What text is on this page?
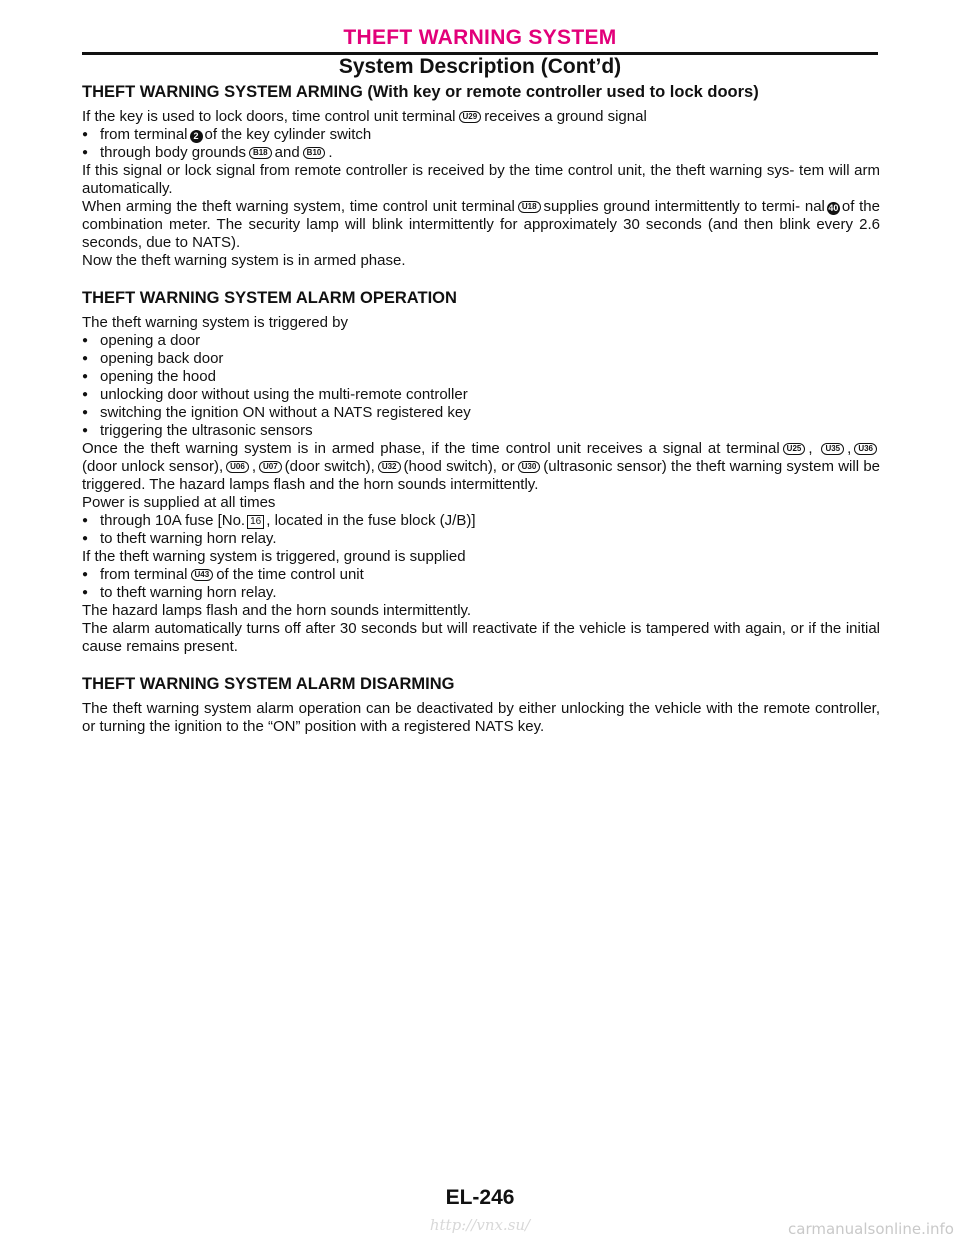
THEFT WARNING SYSTEM
System Description (Cont’d)
THEFT WARNING SYSTEM ARMING (With key or remote controller used to lock doors)

If the key is used to lock doors, time control unit terminal U29 receives a ground signal

● from terminal 2 of the key cylinder switch

● through body grounds B18 and B10 .

If this signal or lock signal from remote controller is received by the time control unit, the theft warning sys- tem will arm automatically.

When arming the theft warning system, time control unit terminal U18 supplies ground intermittently to termi- nal 40 of the combination meter. The security lamp will blink intermittently for approximately 30 seconds (and then blink every 2.6 seconds, due to NATS).

Now the theft warning system is in armed phase.

THEFT WARNING SYSTEM ALARM OPERATION

The theft warning system is triggered by

● opening a door

● opening back door

● opening the hood

● unlocking door without using the multi-remote controller

● switching the ignition ON without a NATS registered key

● triggering the ultrasonic sensors

Once the theft warning system is in armed phase, if the time control unit receives a signal at terminal U25 , U35 , U36(door unlock sensor), U06 , U07 (door switch), U32 (hood switch), or U30 (ultrasonic sensor) the theft warning system will be triggered. The hazard lamps flash and the horn sounds intermittently.

Power is supplied at all times

● through 10A fuse [No. 16 , located in the fuse block (J/B)]

● to theft warning horn relay.

If the theft warning system is triggered, ground is supplied

● from terminal U43 of the time control unit

● to theft warning horn relay.

The hazard lamps flash and the horn sounds intermittently.

The alarm automatically turns off after 30 seconds but will reactivate if the vehicle is tampered with again, or if the initial cause remains present.

THEFT WARNING SYSTEM ALARM DISARMING

The theft warning system alarm operation can be deactivated by either unlocking the vehicle with the remote controller, or turning the ignition to the “ON” position with a registered NATS key.

EL-246
http://vnx.su/	carmanualsonline.info
